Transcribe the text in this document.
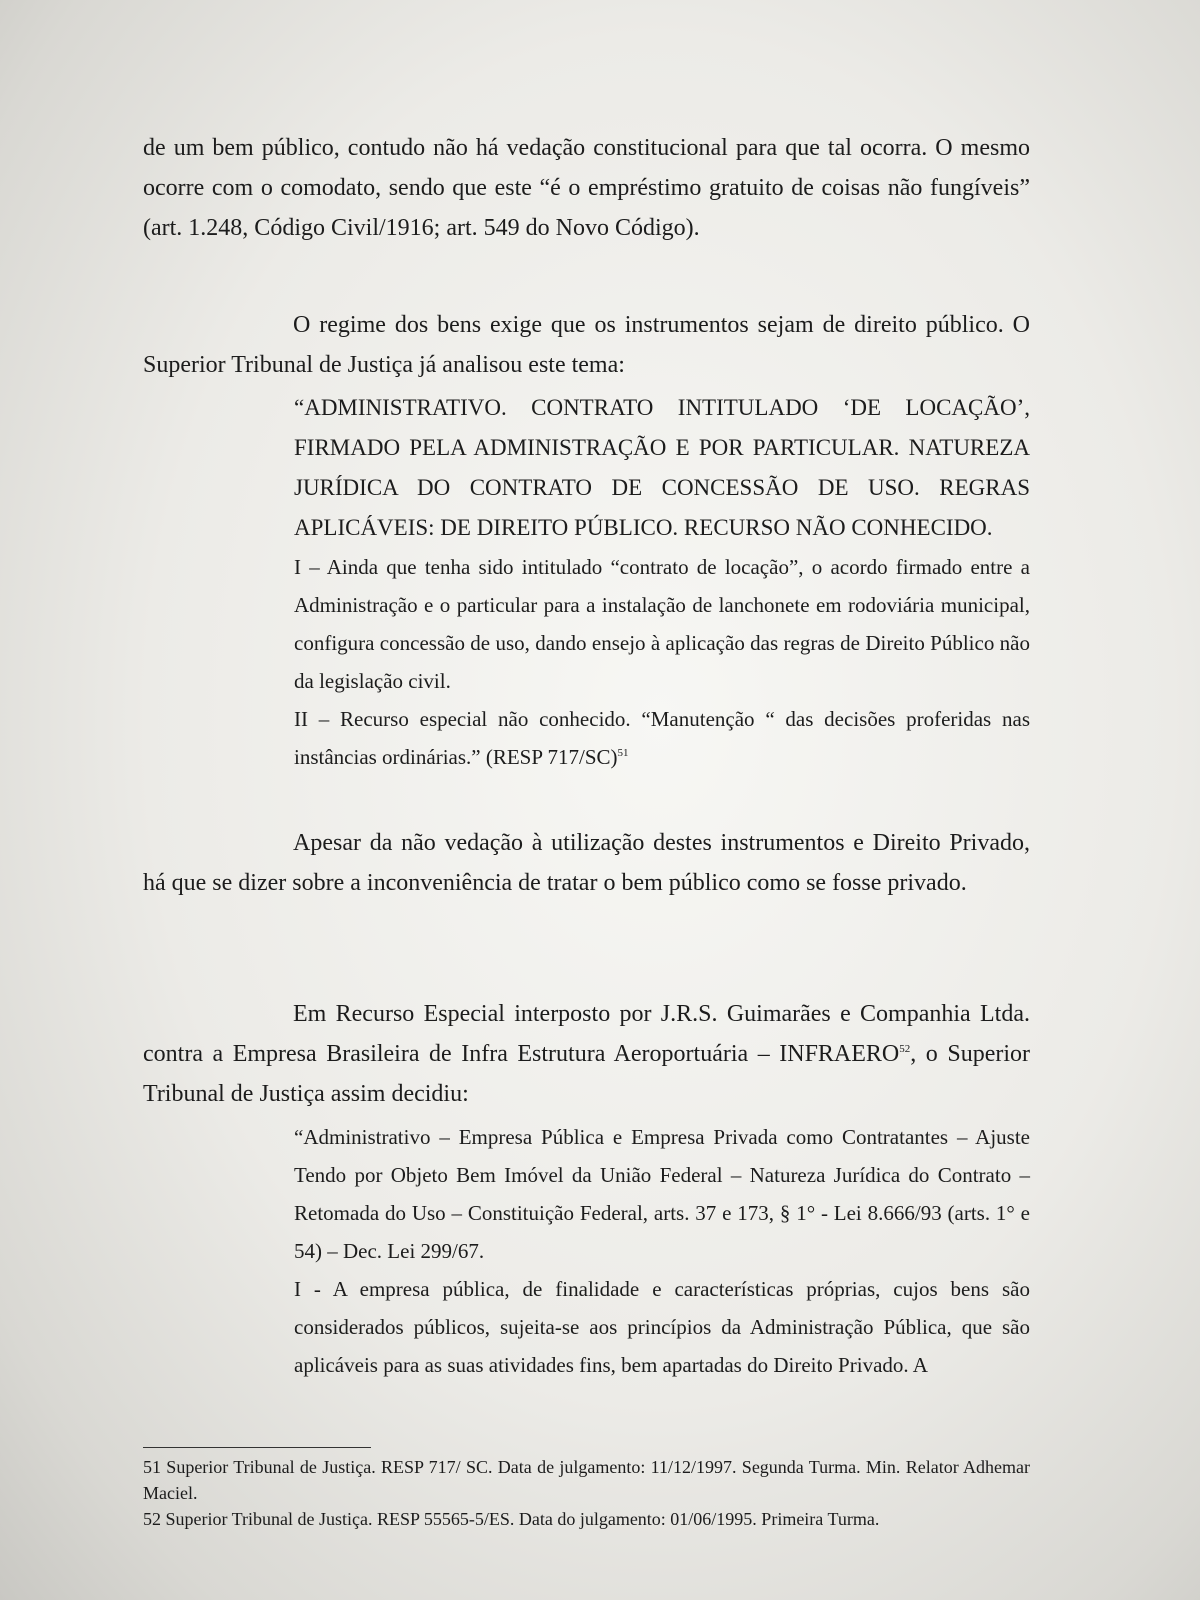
de um bem público, contudo não há vedação constitucional para que tal ocorra. O mesmo ocorre com o comodato, sendo que este “é o empréstimo gratuito de coisas não fungíveis” (art. 1.248, Código Civil/1916; art. 549 do Novo Código).

O regime dos bens exige que os instrumentos sejam de direito público. O Superior Tribunal de Justiça já analisou este tema:

“ADMINISTRATIVO. CONTRATO INTITULADO ‘DE LOCAÇÃO’, FIRMADO PELA ADMINISTRAÇÃO E POR PARTICULAR. NATUREZA JURÍDICA DO CONTRATO DE CONCESSÃO DE USO. REGRAS APLICÁVEIS: DE DIREITO PÚBLICO. RECURSO NÃO CONHECIDO.

I – Ainda que tenha sido intitulado “contrato de locação”, o acordo firmado entre a Administração e o particular para a instalação de lanchonete em rodoviária municipal, configura concessão de uso, dando ensejo à aplicação das regras de Direito Público não da legislação civil.

II – Recurso especial não conhecido. “Manutenção “ das decisões proferidas nas instâncias ordinárias.” (RESP 717/SC)$^{51}$

Apesar da não vedação à utilização destes instrumentos e Direito Privado, há que se dizer sobre a inconveniência de tratar o bem público como se fosse privado.

Em Recurso Especial interposto por J.R.S. Guimarães e Companhia Ltda. contra a Empresa Brasileira de Infra Estrutura Aeroportuária – INFRAERO$^{52}$, o Superior Tribunal de Justiça assim decidiu:

“Administrativo – Empresa Pública e Empresa Privada como Contratantes – Ajuste Tendo por Objeto Bem Imóvel da União Federal – Natureza Jurídica do Contrato – Retomada do Uso – Constituição Federal, arts. 37 e 173, § 1° - Lei 8.666/93 (arts. 1° e 54) – Dec. Lei 299/67.

I - A empresa pública, de finalidade e características próprias, cujos bens são considerados públicos, sujeita-se aos princípios da Administração Pública, que são aplicáveis para as suas atividades fins, bem apartadas do Direito Privado. A

51 Superior Tribunal de Justiça. RESP 717/ SC. Data de julgamento: 11/12/1997. Segunda Turma. Min. Relator Adhemar Maciel.

52 Superior Tribunal de Justiça. RESP 55565-5/ES. Data do julgamento: 01/06/1995. Primeira Turma.
